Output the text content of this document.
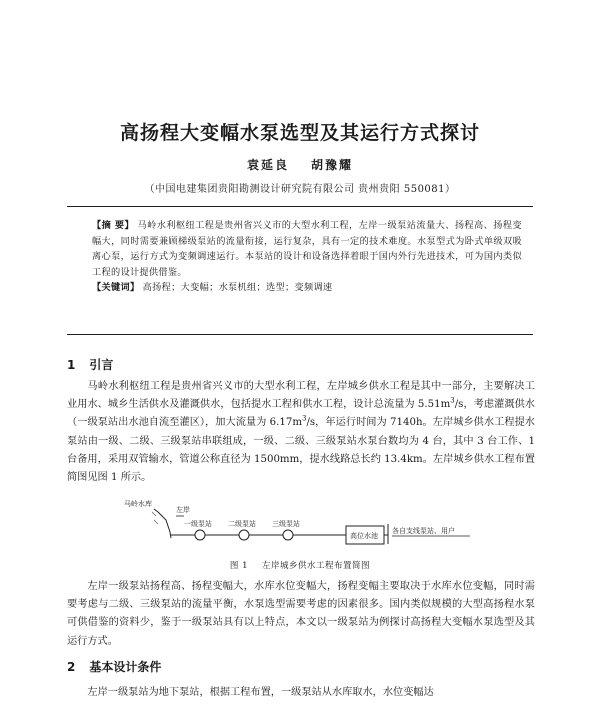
高扬程大变幅水泵选型及其运行方式探讨
袁延良 胡豫耀
（中国电建集团贵阳勘测设计研究院有限公司 贵州贵阳 550081）
【摘 要】 马岭水利枢纽工程是贵州省兴义市的大型水利工程，左岸一级泵站流量大、扬程高、扬程变幅大，同时需要兼顾梯级泵站的流量衔接，运行复杂，具有一定的技术难度。水泵型式为卧式单级双吸离心泵，运行方式为变频调速运行。本泵站的设计和设备选择着眼于国内外行先进技术，可为国内类似工程的设计提供借鉴。
【关键词】 高扬程；大变幅；水泵机组；选型；变频调速
1 引言
马岭水利枢纽工程是贵州省兴义市的大型水利工程，左岸城乡供水工程是其中一部分，主要解决工业用水、城乡生活供水及灌溉供水，包括提水工程和供水工程，设计总流量为 $5.51m^3/s$，考虑灌溉供水（一级泵站出水池自流至灌区），加大流量为 $6.17m^3/s$，年运行时间为 7140h。左岸城乡供水工程提水泵站由一级、二级、三级泵站串联组成，一级、二级、三级泵站水泵台数均为 4 台，其中 3 台工作、1 台备用，采用双管输水，管道公称直径为 1500mm，提水线路总长约 13.4km。左岸城乡供水工程布置简图见图 1 所示。
马岭水库
左岸
一级泵站 二级泵站 三级泵站
高位水池
各自支线泵站、用户
图 1 左岸城乡供水工程布置简图
左岸一级泵站扬程高、扬程变幅大，水库水位变幅大，扬程变幅主要取决于水库水位变幅，同时需要考虑与二级、三级泵站的流量平衡，水泵选型需要考虑的因素很多。国内类似规模的大型高扬程水泵可供借鉴的资料少，鉴于一级泵站具有以上特点，本文以一级泵站为例探讨高扬程大变幅水泵选型及其运行方式。
2 基本设计条件
左岸一级泵站为地下泵站，根据工程布置，一级泵站从水库取水，水位变幅达
